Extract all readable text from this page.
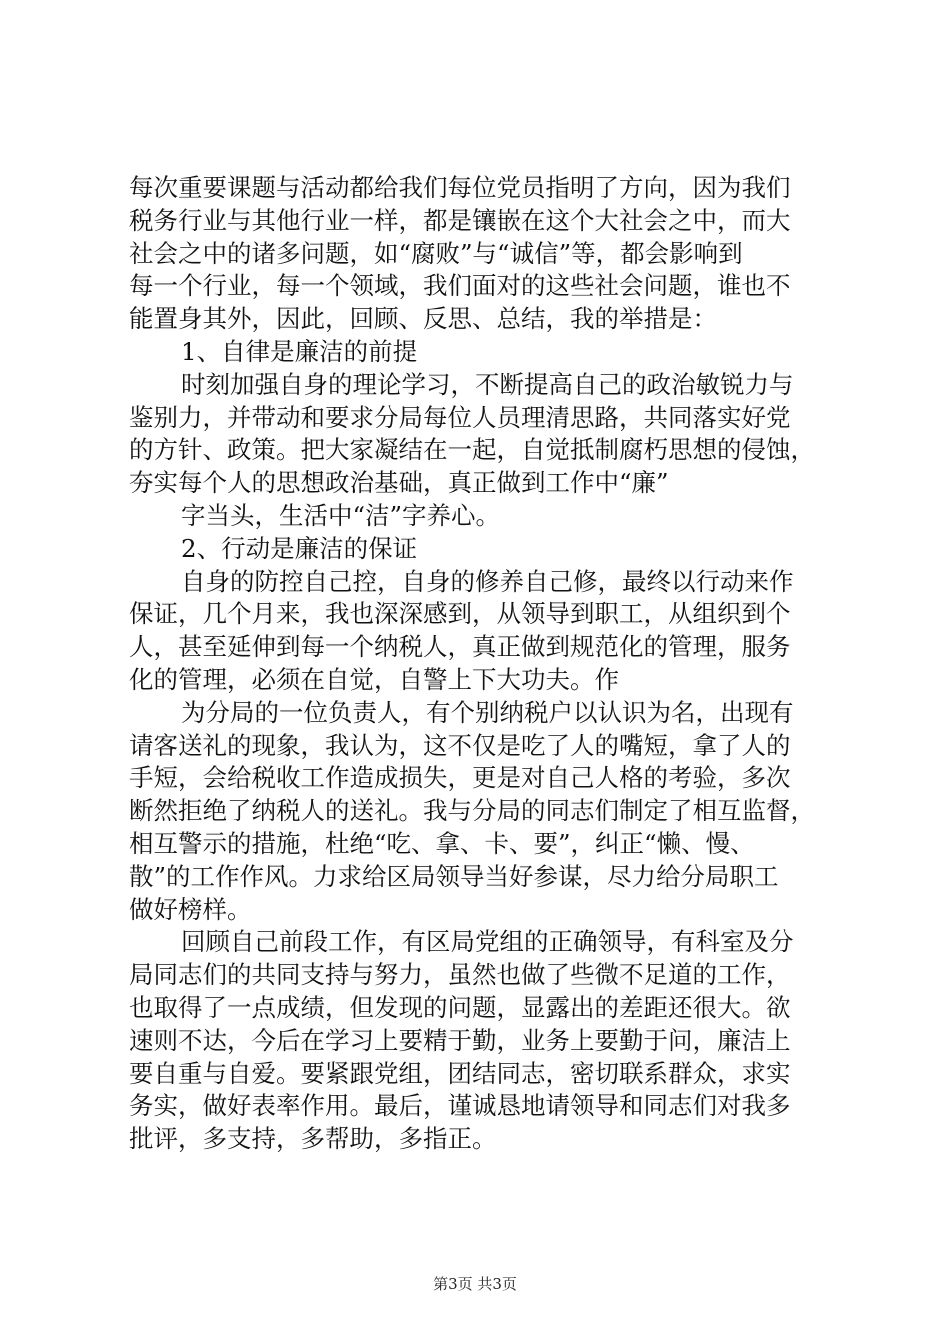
每次重要课题与活动都给我们每位党员指明了方向，因为我们
税务行业与其他行业一样，都是镶嵌在这个大社会之中，而大
社会之中的诸多问题，如“腐败”与“诚信”等，都会影响到
每一个行业，每一个领域，我们面对的这些社会问题，谁也不
能置身其外，因此，回顾、反思、总结，我的举措是：
1、自律是廉洁的前提
时刻加强自身的理论学习，不断提高自己的政治敏锐力与
鉴别力，并带动和要求分局每位人员理清思路，共同落实好党
的方针、政策。把大家凝结在一起，自觉抵制腐朽思想的侵蚀，
夯实每个人的思想政治基础，真正做到工作中“廉”
字当头，生活中“洁”字养心。
2、行动是廉洁的保证
自身的防控自己控，自身的修养自己修，最终以行动来作
保证，几个月来，我也深深感到，从领导到职工，从组织到个
人，甚至延伸到每一个纳税人，真正做到规范化的管理，服务
化的管理，必须在自觉，自警上下大功夫。作
为分局的一位负责人，有个别纳税户以认识为名，出现有
请客送礼的现象，我认为，这不仅是吃了人的嘴短，拿了人的
手短，会给税收工作造成损失，更是对自己人格的考验，多次
断然拒绝了纳税人的送礼。我与分局的同志们制定了相互监督，
相互警示的措施，杜绝“吃、拿、卡、要”，纠正“懒、慢、
散”的工作作风。力求给区局领导当好参谋，尽力给分局职工
做好榜样。
回顾自己前段工作，有区局党组的正确领导，有科室及分
局同志们的共同支持与努力，虽然也做了些微不足道的工作，
也取得了一点成绩，但发现的问题，显露出的差距还很大。欲
速则不达，今后在学习上要精于勤，业务上要勤于问，廉洁上
要自重与自爱。要紧跟党组，团结同志，密切联系群众，求实
务实，做好表率作用。最后，谨诚恳地请领导和同志们对我多
批评，多支持，多帮助，多指正。
第3页 共3页
